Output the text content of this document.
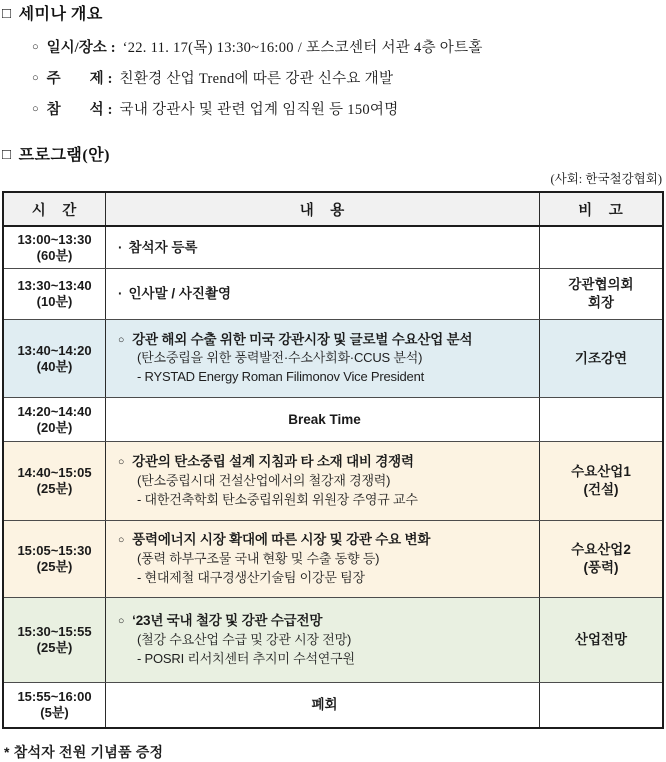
□ 세미나 개요
○ 일시/장소 : ‘22. 11. 17(목) 13:30~16:00 / 포스코센터 서관 4층 아트홀
○ 주　　제 : 친환경 산업 Trend에 따른 강관 신수요 개발
○ 참　　석 : 국내 강관사 및 관련 업계 임직원 등 150여명
□ 프로그램(안)
(사회: 한국철강협회)
시　간	내　용	비　고
13:00~13:30
(60분)
· 참석자 등록
13:30~13:40
(10분)
· 인사말 / 사진촬영
강관협의회
회장
13:40~14:20
(40분)
○ 강관 해외 수출 위한 미국 강관시장 및 글로벌 수요산업 분석
(탄소중립을 위한 풍력발전·수소사회화·CCUS 분석)
- RYSTAD Energy Roman Filimonov Vice President
기조강연
14:20~14:40
(20분)
Break Time
14:40~15:05
(25분)
○ 강관의 탄소중립 설계 지침과 타 소재 대비 경쟁력
(탄소중립시대 건설산업에서의 철강재 경쟁력)
- 대한건축학회 탄소중립위원회 위원장 주영규 교수
수요산업1
(건설)
15:05~15:30
(25분)
○ 풍력에너지 시장 확대에 따른 시장 및 강관 수요 변화
(풍력 하부구조물 국내 현황 및 수출 동향 등)
- 현대제철 대구경생산기술팀 이강문 팀장
수요산업2
(풍력)
15:30~15:55
(25분)
○ ‘23년 국내 철강 및 강관 수급전망
(철강 수요산업 수급 및 강관 시장 전망)
- POSRI 리서치센터 추지미 수석연구원
산업전망
15:55~16:00
(5분)
폐회
* 참석자 전원 기념품 증정
